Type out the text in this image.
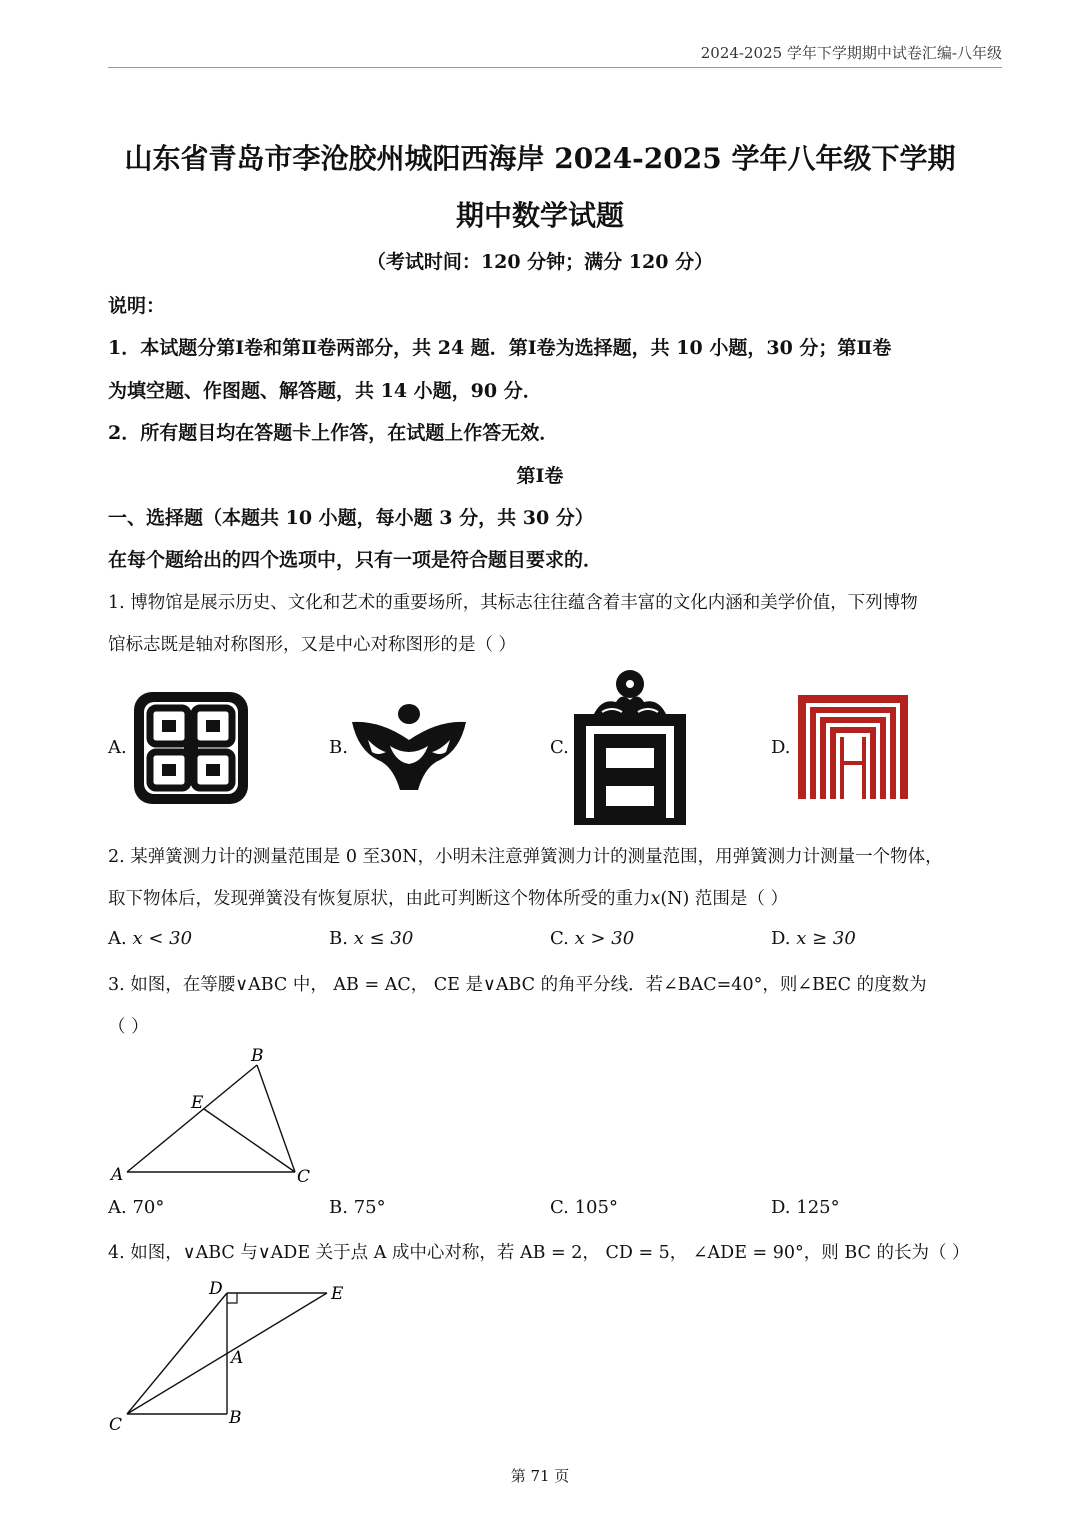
2024-2025 学年下学期期中试卷汇编-八年级
山东省青岛市李沧胶州城阳西海岸 2024-2025 学年八年级下学期
期中数学试题
（考试时间：120 分钟；满分 120 分）
说明：
1．本试题分第Ⅰ卷和第Ⅱ卷两部分，共 24 题．第Ⅰ卷为选择题，共 10 小题，30 分；第Ⅱ卷
为填空题、作图题、解答题，共 14 小题，90 分．
2．所有题目均在答题卡上作答，在试题上作答无效．
第Ⅰ卷
一、选择题（本题共 10 小题，每小题 3 分，共 30 分）
在每个题给出的四个选项中，只有一项是符合题目要求的．
1. 博物馆是展示历史、文化和艺术的重要场所，其标志往往蕴含着丰富的文化内涵和美学价值，下列博物
馆标志既是轴对称图形，又是中心对称图形的是（ ）
A.	B.	C.	D.
2. 某弹簧测力计的测量范围是 0 至30N，小明未注意弹簧测力计的测量范围，用弹簧测力计测量一个物体，
取下物体后，发现弹簧没有恢复原状，由此可判断这个物体所受的重力x(N) 范围是（ ）
A. x < 30	B. x ≤ 30	C. x > 30	D. x ≥ 30
3. 如图，在等腰∨ABC 中， AB = AC， CE 是∨ABC 的角平分线．若∠BAC=40°，则∠BEC 的度数为
（ ）
B
E
A	C
A. 70°	B. 75°	C. 105°	D. 125°
4. 如图，∨ABC 与∨ADE 关于点 A 成中心对称，若 AB = 2， CD = 5， ∠ADE = 90°，则 BC 的长为（ ）
D	E
A
B
C
第 71 页
